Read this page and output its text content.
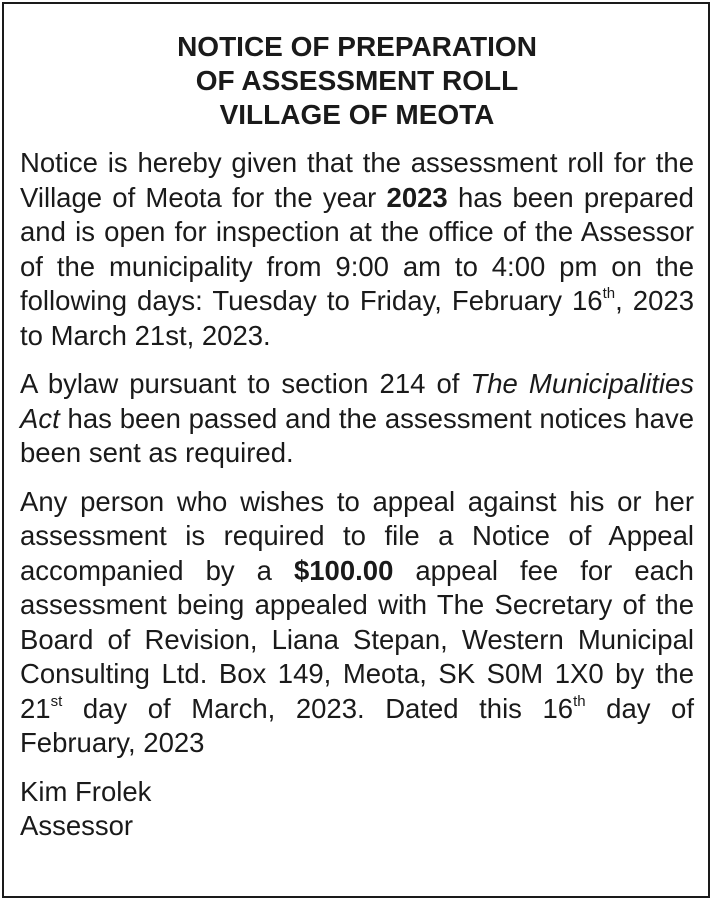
NOTICE OF PREPARATION
OF ASSESSMENT ROLL
VILLAGE OF MEOTA

Notice is hereby given that the assessment roll for the Village of Meota for the year 2023 has been prepared and is open for inspection at the office of the Assessor of the municipality from 9:00 am to 4:00 pm on the following days: Tuesday to Friday, February 16th, 2023 to March 21st, 2023.

A bylaw pursuant to section 214 of The Municipalities Act has been passed and the assessment notices have been sent as required.

Any person who wishes to appeal against his or her assessment is required to file a Notice of Appeal accompanied by a $100.00 appeal fee for each assessment being appealed with The Secretary of the Board of Revision, Liana Stepan, Western Municipal Consulting Ltd. Box 149, Meota, SK S0M 1X0 by the 21st day of March, 2023. Dated this 16th day of February, 2023

Kim Frolek
Assessor
